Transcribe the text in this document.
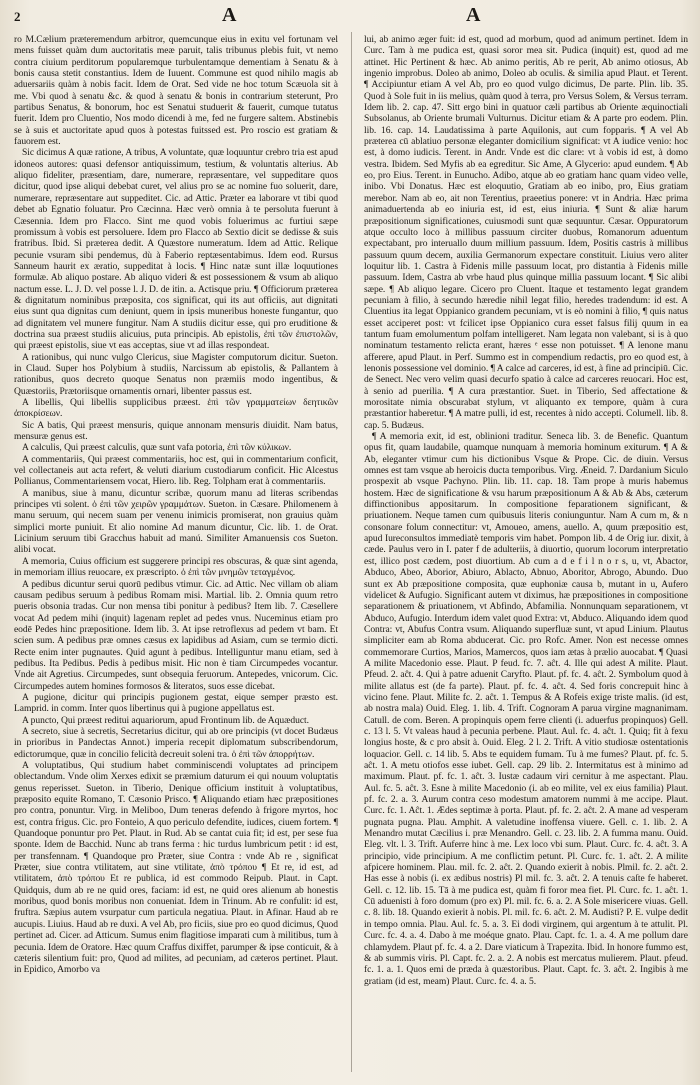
2	A	A

ro M.Cælium præteremendum arbitror, quemcunque eius in exitu vel fortunam vel mens fuisset quàm dum auctoritatis meæ paruit, talis tribunus plebis fuit, vt nemo contra ciuium perditorum popularemque turbulentamque dementiam à Senatu & à bonis causa stetit constantius. Idem de Iuuent. Commune est quod nihilo magis ab aduersariis quàm à nobis facit. Idem de Orat. Sed vide ne hoc totum Scæuola sit à me. Vbi quod à senatu &c. & quod à senatu & bonis in contrarium steterunt, Pro partibus Senatus, & bonorum, hoc est Senatui studuerit & fauerit, cumque tutatus fuerit. Idem pro Cluentio, Nos modo dicendi à me, fed ne furgere saltem. Abstinebis se à suis et auctoritate apud quos à potestas fuitssed est. Pro roscio est gratiam & fauorem est.

Sic dicimus A quæ ratione, A tribus, A voluntate, quæ loquuntur crebro tria est apud idoneos autores: quasi defensor antiquissimum, testium, & voluntatis alterius. Ab aliquo fideliter, præsentiam, dare, numerare, repræsentare, vel suppeditare quos dicitur, quod ipse aliqui debebat curet, vel alius pro se ac nomine fuo soluerit, dare, numerare, repræsentare aut suppeditet. Cic. ad Attic. Præter ea laborare vt tibi quod debet ab Egnatio foluatur. Pro Cæcinna. Hæc verò omnia à te persoluta fuerunt à Cæsennia. Idem pro Flacco. Sint me quod vobis foluerimus ac furtiui sæpe promissum à vobis est persoluere. Idem pro Flacco ab Sextio dicit se dedisse & suis fratribus. Ibid. Si præterea dedit. A Quæstore numeratum. Idem ad Attic. Relique pecunie vsuram sibi pendemus, dù à Faberio reptæsentabimus. Idem eod. Rursus Sanneum haurit ex æratio, suppeditat à locis. ¶ Hinc natæ sunt illæ loquutiones formulæ. Ab aliquo postare. Ab aliquo videri & est possessionem & vsum ab aliquo nactum esse. L. J. D. vel posse l. J. D. de itin. a. Actisque priu. ¶ Officiorum præterea & dignitatum nominibus præposita, cos significat, qui its aut officiis, aut dignitati eius sunt qua dignitas cum deniunt, quem in ipsis muneribus honeste fungantur, quo ad dignitatem vel munere fungitur. Nam A studiis dicitur esse, qui pro eruditione & doctrina sua præest studiis alicuius, puta principis. Ab epistolis, ἐπὶ τῶν ἐπιστολῶν, qui præest epistolis, siue vt eas acceptas, siue vt ad illas respondeat.

A rationibus, qui nunc vulgo Clericus, siue Magister computorum dicitur. Sueton. in Claud. Super hos Polybium à studiis, Narcissum ab epistolis, & Pallantem à rationibus, quos decreto quoque Senatus non præmiis modo ingentibus, & Quæstoriis, Prætoriisque ornamentis ornari, libenter passus est.

A libellis, Qui libellis supplicibus præest. ἐπὶ τῶν γραμματείων δεητικῶν ἀποκρίσεων.

Sic A batis, Qui præest mensuris, quique annonam mensuris diuidit. Nam batus, mensuræ genus est.

A calculis, Qui præest calculis, quæ sunt vafa potoria, ἐπὶ τῶν κύλικων.

A commentariis, Qui præest commentariis, hoc est, qui in commentarium conficit, vel collectaneis aut acta refert, & veluti diarium custodiarum conficit. Hic Alcestus Pollianus, Commentariensem vocat, Hiero. lib. Reg. Tolpham erat à commentariis.

A manibus, siue à manu, dicuntur scribæ, quorum manu ad literas scribendas principes vti solent. ὁ ἐπὶ τῶν χειρῶν γραμμάτων. Sueton. in Cæsare. Philomenem à manu seruum, qui necem suam per venenu inimicis promiserat, non grauius quàm simplici morte puniuit. Et alio nomine Ad manum dicuntur, Cic. lib. 1. de Orat. Licinium seruum tibi Gracchus habuit ad manú. Similiter Amanuensis cos Sueton. alibi vocat.

A memoria, Cuius officium est suggerere principi res obscuras, & quæ sint agenda, in memoriam illius reuocare, ex præscripto. ὁ ἐπὶ τῶν μνημῶν τεταγμένος.

A pedibus dicuntur serui quorū pedibus vtimur. Cic. ad Attic. Nec villam ob aliam causam pedibus seruum à pedibus Romam misi. Martial. lib. 2. Omnia quum retro pueris obsonia tradas. Cur non mensa tibi ponitur à pedibus? Item lib. 7. Cæsellere vocat Ad pedem mihi (inquit) lagenam replet ad pedes vnus. Nuceminus etiam pro eodē Pedes hinc præpositione. Idem lib. 3. At ipse retroflexus ad pedem vt bam. Et scien sum. A pedibus præ omnes cæsus ex lapidibus ad Asiam, cum se termio dicti. Recte enim inter pugnautes. Quid agunt à pedibus. Intelliguntur manu etiam, sed à pedibus. Ita Pedibus. Pedis à pedibus misit. Hic non è tiam Circumpedes vocantur. Vnde ait Agretius. Circumpedes, sunt obsequia feruorum. Antepedes, vnicorum. Cic. Circumpedes autem homines formosos & literatos, suos esse dicebat.

A pugione, dicitur qui principis pugionem gestat, eique semper præsto est. Lamprid. in comm. Inter quos libertinus qui à pugione appellatus est.

A puncto, Qui præest reditui aquariorum, apud Frontinum lib. de Aquæduct.

A secreto, siue à secretis, Secretarius dicitur, qui ab ore principis (vt docet Budæus in prioribus in Pandectas Annot.) imperia recepit diplomatum subscribendorum, edictorumque, quæ in concilio felicità decreuit soleni tra. ὁ ἐπὶ τῶν ἀπορρήτων.

A voluptatibus, Qui studium habet comminiscendi voluptates ad principem oblectandum. Vnde olim Xerxes edixit se præmium daturum ei qui nouum voluptatis genus reperisset. Sueton. in Tiberio, Denique officium instituit à voluptatibus, præposito equite Romano, T. Cæsonio Prisco. ¶ Aliquando etiam hæc præpositiones pro contra, ponuntur. Virg. in Meliboo, Dum teneras defendo à frigore myrtos, hoc est, contra frigus. Cic. pro Fonteio, A quo periculo defendite, iudices, ciuem fortem. ¶ Quandoque ponuntur pro Pet. Plaut. in Rud. Ab se cantat cuia fit; id est, per sese fua sponte. Idem de Bacchid. Nunc ab trans ferma : hic turdus lumbricum petit : id est, per transfennam. ¶ Quandoque pro Præter, siue Contra : vnde Ab re , significat Præter, siue contra vtilitatem, aut sine vtilitate, ἀπὸ τρόπου ¶ Et re, id est, ad vtilitatem, ἀπὸ τρόπου Et re publica, id est commodo Reipub. Plaut. in Capt. Quidquis, dum ab re ne quid ores, faciam: id est, ne quid ores alienum ab honestis moribus, quod bonis moribus non conueniat. Idem in Trinum. Ab re confulit: id est, fruftra. Sæpius autem vsurpatur cum particula negatiua. Plaut. in Afinar. Haud ab re aucupis. Liuius. Haud ab re duxi. A vel Ab, pro ficiis, siue pro eo quod dicimus, Quod pertinet ad. Cicer. ad Atticum. Sumus enim flagitiose imparati cum à militibus, tum à pecunia. Idem de Oratore. Hæc quum Craffus dixiffet, parumper & ipse conticuit, & à cæteris silentium fuit: pro, Quod ad milites, ad pecuniam, ad cæteros pertinet. Plaut. in Epidico, Amorbo va

lui, ab animo æger fuit: id est, quod ad morbum, quod ad animum pertinet. Idem in Curc. Tam à me pudica est, quasi soror mea sit. Pudica (inquit) est, quod ad me attinet. Hic Pertinent & hæc. Ab animo peritis, Ab re perit, Ab animo otiosus, Ab ingenio improbus. Doleo ab animo, Doleo ab oculis. & similia apud Plaut. et Terent. ¶ Accipiuntur etiam A vel Ab, pro eo quod vulgo dicimus, De parte. Plin. lib. 35. Quod à Sole fuit in iis melius, quàm quod à terra, pro Versus Solem, & Versus terram. Idem lib. 2. cap. 47. Sitt ergo bini in quatuor cæli partibus ab Oriente æquinoctiali Subsolanus, ab Oriente brumali Vulturnus. Dicitur etiam & A parte pro eodem. Plin. lib. 16. cap. 14. Laudatissima à parte Aquilonis, aut cum fopparis. ¶ A vel Ab præterea cū ablatiuo personæ eleganter domicilium significat: vt A iudice venio: hoc est, à domo iudicis. Terent. in Andr. Vnde est dic clare: vt à vobis id est, à domo vestra. Ibidem. Sed Myfis ab ea egreditur. Sic Ame, A Glycerio: apud eundem. ¶ Ab eo, pro Eius. Terent. in Eunucho. Adibo, atque ab eo gratiam hanc quam video velle, inibo. Vbi Donatus. Hæc est eloquutio, Gratiam ab eo inibo, pro, Eius gratiam merebor. Nam ab eo, ait non Terentius, praeetius ponere: vt in Andria. Hæc prima animaduertenda ab eo iniuria est, id est, eius iniuria. ¶ Sunt & aliæ harum præpositionum significationes, cuiusmodi sunt quæ sequuntur. Cæsar. Oppuratorum atque occulto loco à millibus passuum circiter duobus, Romanorum aduentum expectabant, pro interuallo duum millium passuum. Idem, Positis castris à millibus passuum quum decem, auxilia Germanorum expectare constituit. Liuius vero aliter loquitur lib. 1. Castra à Fidenis mille passuum locat, pro distantia à Fidenis mille passuum. Idem, Castra ab vrbe haud plus quinque millia passuum locant. ¶ Sic alibi sæpe. ¶ Ab aliquo legare. Cicero pro Cluent. Itaque et testamento legat grandem pecuniam à filio, à secundo hæredie nihil legat filio, heredes tradendum: id est. A Cluentius ita legat Oppianico grandem pecuniam, vt is eò nomini à filio, ¶ quis natus esset acciperet post: vt fcilicet ipse Oppianico cura esset falsus filij quum in ea tantum fuam emolumentum polfam intelligeret. Nam legata non valebant, si is à quo nominatum testamento relicta erant, hæres ᵉ esse non potuisset. ¶ A lenone manu afferere, apud Plaut. in Perf. Summo est in compendium redactis, pro eo quod est, à lenonis possessione vel dominio. ¶ A calce ad carceres, id est, à fine ad principiū. Cic. de Senect. Nec vero velim quasi decurfo spatio à calce ad carceres reuocari. Hoc est, à senio ad puerilia. ¶ A cura præstantior. Suet. in Tiberio, Sed affectatione & morositate nimia obscurabat stylum, vt aliquanto ex tempore, quàm à cura præstantior haberetur. ¶ A matre pulli, id est, recentes à nido accepti. Columell. lib. 8. cap. 5. Budæus.

¶ A memoria exit, id est, oblinioni traditur. Seneca lib. 3. de Benefic. Quantum opus fit, quam laudabile, quamque nunquam à memoria hominum exiturum. ¶ A & Ab, eleganter vtimur cum his dictionibus Vsque & Prope. Cic. de diuin. Versus omnes est tam vsque ab heroicis ducta temporibus. Virg. Æneid. 7. Dardanium Siculo prospexit ab vsque Pachyno. Plin. lib. 11. cap. 18. Tam prope à muris habemus hostem. Hæc de significatione & vsu harum præpositionum A & Ab & Abs, cæterum diffinctionibus appositarum. In compositione feparationem significant, & priuationem. Neque tamen cum quibusuis literis coniunguntur. Nam A cum m, & n consonare folum connectitur: vt, Amoueo, amens, auello. A, quum præpositio est, apud Iureconsultos immediatè temporis vim habet. Pompon lib. 4 de Orig iur. dixit, à cæde. Paulus vero in I. pater f de adulteriis, à diuortio, quorum locorum interpretatio est, illico post cædem, post diuortium. Ab cum a d e f i l n o r s, u, vt, Abactor, Abduco, Abeo, Aborior, Abiuro, Ablacto, Abnuo, Aboritor, Abrogo, Abundo. Duo sunt ex Ab præpositione composita, quæ euphoniæ causa b, mutant in u, Aufero videlicet & Aufugio. Significant autem vt diximus, hæ præpositiones in compositione separationem & priuationem, vt Abfindo, Abfamilia. Nonnunquam separationem, vt Abduco, Aufugio. Interdum idem valet quod Extra: vt, Abduco. Aliquando idem quod Contra: vt, Abufus Contra vsum. Aliquando superfluæ sunt, vt apud Linium. Plautus simpliciter eam ab Roma abducerat. Cic. pro Rofc. Amer. Non est necesse omnes commemorare Curtios, Marios, Mamercos, quos iam ætas à prælio auocabat. ¶ Quasi A milite Macedonio esse. Plaut. P feud. fc. 7. aĉt. 4. Ille qui adest A milite. Plaut. Pfeud. 2. aĉt. 4. Qui à patre aduenit Caryfto. Plaut. pf. fc. 4. aĉt. 2. Symbolum quod à milite allatus est (de fa parte). Plaut. pf. fc. 4. aĉt. 4. Sed foris concrepuit hinc à vicino fene. Plaut. Milite fc. 2. aĉt. 1. Tempus & A Rofeis exige triste malis. (id est, ab nostra mala) Ouid. Eleg. 1. lib. 4. Trift. Cognoram A parua virgine magnanimam. Catull. de com. Beren. A propinquis opem ferre clienti (i. aduerfus propinquos) Gell. c. 13 l. 5. Vt valeas haud à pecunia perbene. Plaut. Aul. fc. 4. aĉt. 1. Quiq; fit à fexu longius hoste, & c pro absit à. Ouid. Eleg. 2 l. 2. Trift. A vitio studiosæ ostentationis loquacior. Gell. c. 14 lib. 5. Abs te equidem fumam. Tu à me fumes? Plaut. pf. fc. 5. aĉt. 1. A metu otiofos esse iubet. Gell. cap. 29 lib. 2. Intermitatus est à minimo ad maximum. Plaut. pf. fc. 1. aĉt. 3. Iustæ cadaum viri cernitur à me aspectant. Plau. Aul. fc. 5. aĉt. 3. Esne à milite Macedonio (i. ab eo milite, vel ex eius familia) Plaut. pf. fc. 2. a. 3. Aurum contra ceso modestum amatorem nummi à me accipe. Plaut. Curc. fc. 1. Aĉt. 1. Ædes septimæ à porta. Plaut. pf. fc. 2. aĉt. 2. A mane ad vesperam pugnata pugna. Plau. Amphit. A valetudine inoffensa viuere. Gell. c. 1. lib. 2. A Menandro mutat Cæcilius i. præ Menandro. Gell. c. 23. lib. 2. A fumma manu. Ouid. Eleg. vlt. l. 3. Trift. Auferre hinc à me. Lex loco vbi sum. Plaut. Curc. fc. 4. aĉt. 3. A principio, vide principium. A me conflictim petunt. Pl. Curc. fc. 1. aĉt. 2. A milite afpicere hominem. Plau. mil. fc. 2. aĉt. 2. Quando exierit à nobis. Plmil. fc. 2. aĉt. 2. Has esse à nobis (i. ex ædibus nostris) Pl mil. fc. 3. aĉt. 2. A tenuis caſte fe haberet. Gell. c. 12. lib. 15. Tā à me pudica est, quàm fi foror mea fiet. Pl. Curc. fc. 1. aĉt. 1. Cū aduenisti à foro domum (pro ex) Pl. mil. fc. 6. a. 2. A Sole misericere viuas. Gell. c. 8. lib. 18. Quando exierit à nobis. Pl. mil. fc. 6. aĉt. 2. M. Audisti? P. E. vulpe dedit in tempo omnia. Plau. Aul. fc. 5. a. 3. Ei dodi virginem, qui argentum à te attulit. Pl. Curc. fc. 4. a. 4. Dabo à me moéque gnato. Plau. Capt. fc. 1. a. 4. A me pollum dare chlamydem. Plaut pf. fc. 4. a 2. Dare viaticum à Trapezita. Ibid. In honore fummo est, & ab summis viris. Pl. Capt. fc. 2. a. 2. A nobis est mercatus mulierem. Plaut. pfeud. fc. 1. a. 1. Quos emi de præda à quæstoribus. Plaut. Capt. fc. 3. aĉt. 2. Ingibis à me gratiam (id est, meam) Plaut. Curc. fc. 4. a. 5.
